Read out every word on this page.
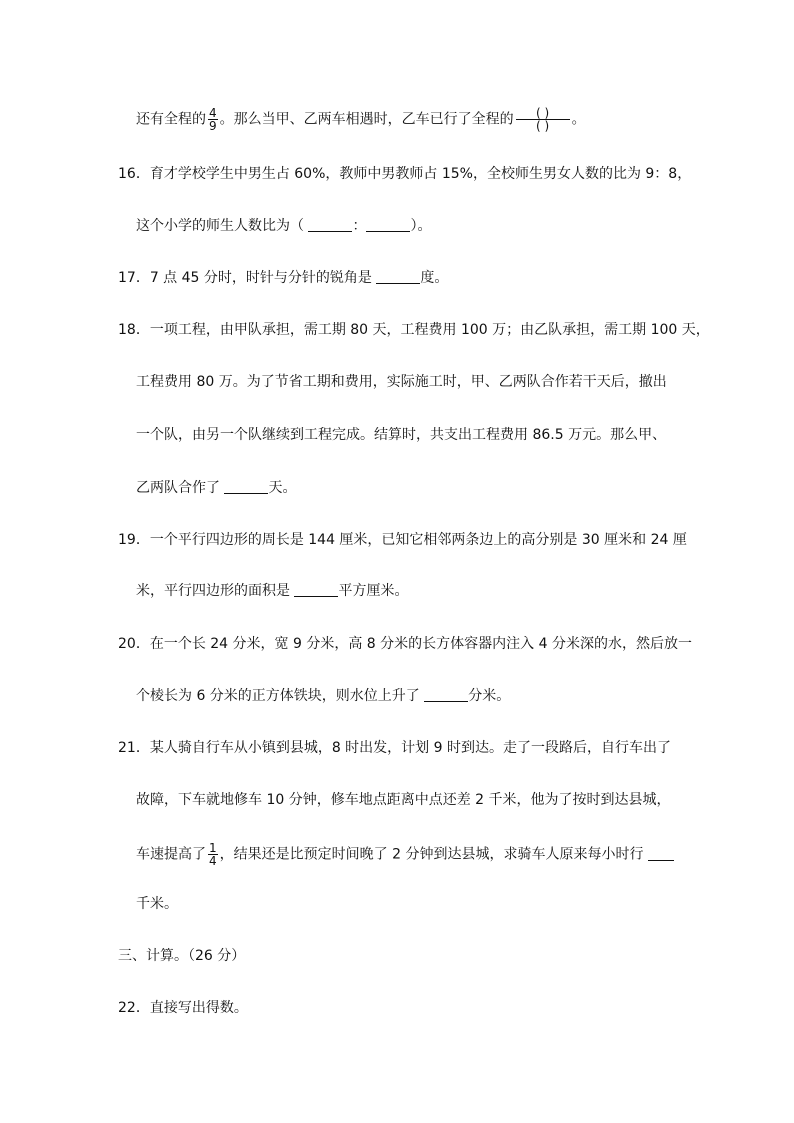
还有全程的 $\frac{4}{9}$ 。那么当甲、乙两车相遇时，乙车已行了全程的 $\frac{( )}{( )}$ 。
16．育才学校学生中男生占 60%，教师中男教师占 15%，全校师生男女人数的比为 9：8，
这个小学的师生人数比为（	：	）。
17．7 点 45 分时，时针与分针的锐角是	度。
18．一项工程，由甲队承担，需工期 80 天，工程费用 100 万；由乙队承担，需工期 100 天，
工程费用 80 万。为了节省工期和费用，实际施工时，甲、乙两队合作若干天后，撤出
一个队，由另一个队继续到工程完成。结算时，共支出工程费用 86.5 万元。那么甲、
乙两队合作了	天。
19．一个平行四边形的周长是 144 厘米，已知它相邻两条边上的高分别是 30 厘米和 24 厘
米，平行四边形的面积是	平方厘米。
20．在一个长 24 分米，宽 9 分米，高 8 分米的长方体容器内注入 4 分米深的水，然后放一
个棱长为 6 分米的正方体铁块，则水位上升了	分米。
21．某人骑自行车从小镇到县城，8 时出发，计划 9 时到达。走了一段路后，自行车出了
故障，下车就地修车 10 分钟，修车地点距离中点还差 2 千米，他为了按时到达县城，
车速提高了 $\frac{1}{4}$ ，结果还是比预定时间晚了 2 分钟到达县城，求骑车人原来每小时行
千米。
三、计算。（26 分）
22．直接写出得数。
